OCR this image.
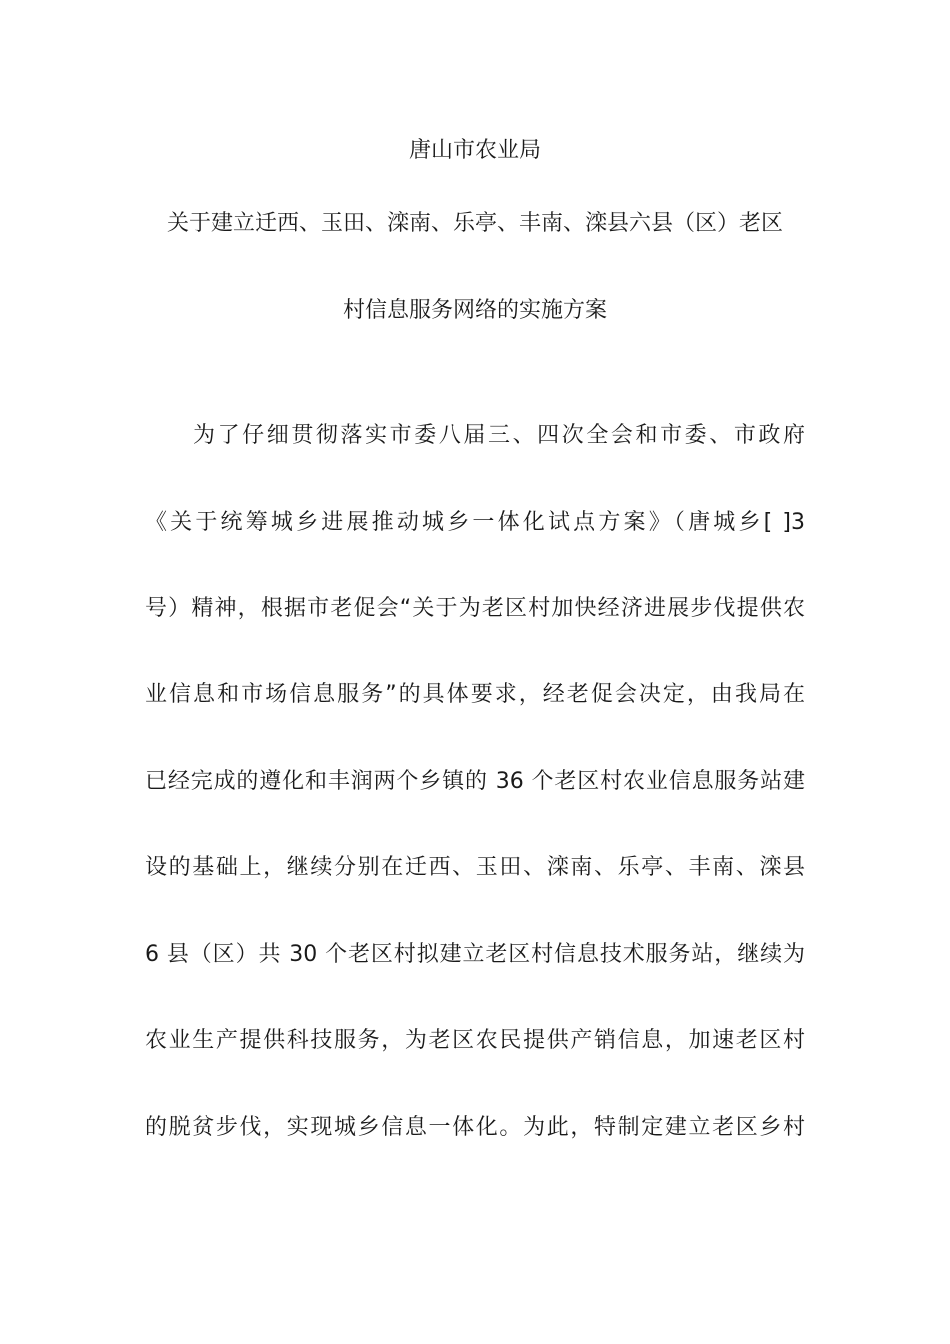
唐山市农业局
关于建立迁西、玉田、滦南、乐亭、丰南、滦县六县（区）老区
村信息服务网络的实施方案
为了仔细贯彻落实市委八届三、四次全会和市委、市政府
《关于统筹城乡进展推动城乡一体化试点方案》（唐城乡[ ]3
号）精神，根据市老促会“关于为老区村加快经济进展步伐提供农
业信息和市场信息服务”的具体要求，经老促会决定，由我局在
已经完成的遵化和丰润两个乡镇的 36 个老区村农业信息服务站建
设的基础上，继续分别在迁西、玉田、滦南、乐亭、丰南、滦县
6 县（区）共 30 个老区村拟建立老区村信息技术服务站，继续为
农业生产提供科技服务，为老区农民提供产销信息，加速老区村
的脱贫步伐，实现城乡信息一体化。为此，特制定建立老区乡村
